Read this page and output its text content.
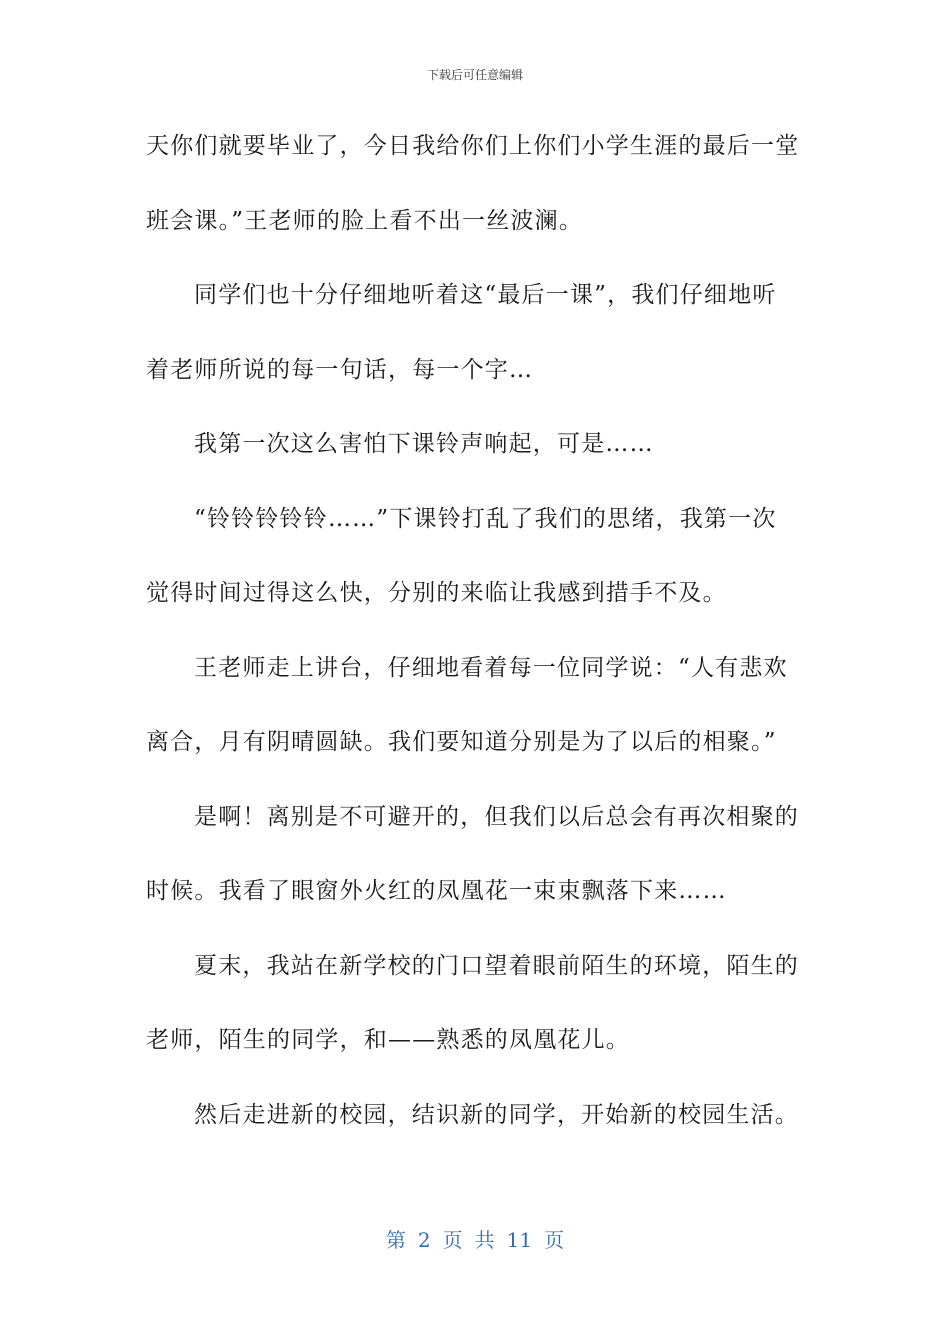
下载后可任意编辑
天你们就要毕业了，今日我给你们上你们小学生涯的最后一堂
班会课。”王老师的脸上看不出一丝波澜。
同学们也十分仔细地听着这“最后一课”，我们仔细地听
着老师所说的每一句话，每一个字…
我第一次这么害怕下课铃声响起，可是……
“铃铃铃铃铃……”下课铃打乱了我们的思绪，我第一次
觉得时间过得这么快，分别的来临让我感到措手不及。
王老师走上讲台，仔细地看着每一位同学说：“人有悲欢
离合，月有阴晴圆缺。我们要知道分别是为了以后的相聚。”
是啊！离别是不可避开的，但我们以后总会有再次相聚的
时候。我看了眼窗外火红的凤凰花一束束飘落下来……
夏末，我站在新学校的门口望着眼前陌生的环境，陌生的
老师，陌生的同学，和——熟悉的凤凰花儿。
然后走进新的校园，结识新的同学，开始新的校园生活。
第 2 页 共 11 页
